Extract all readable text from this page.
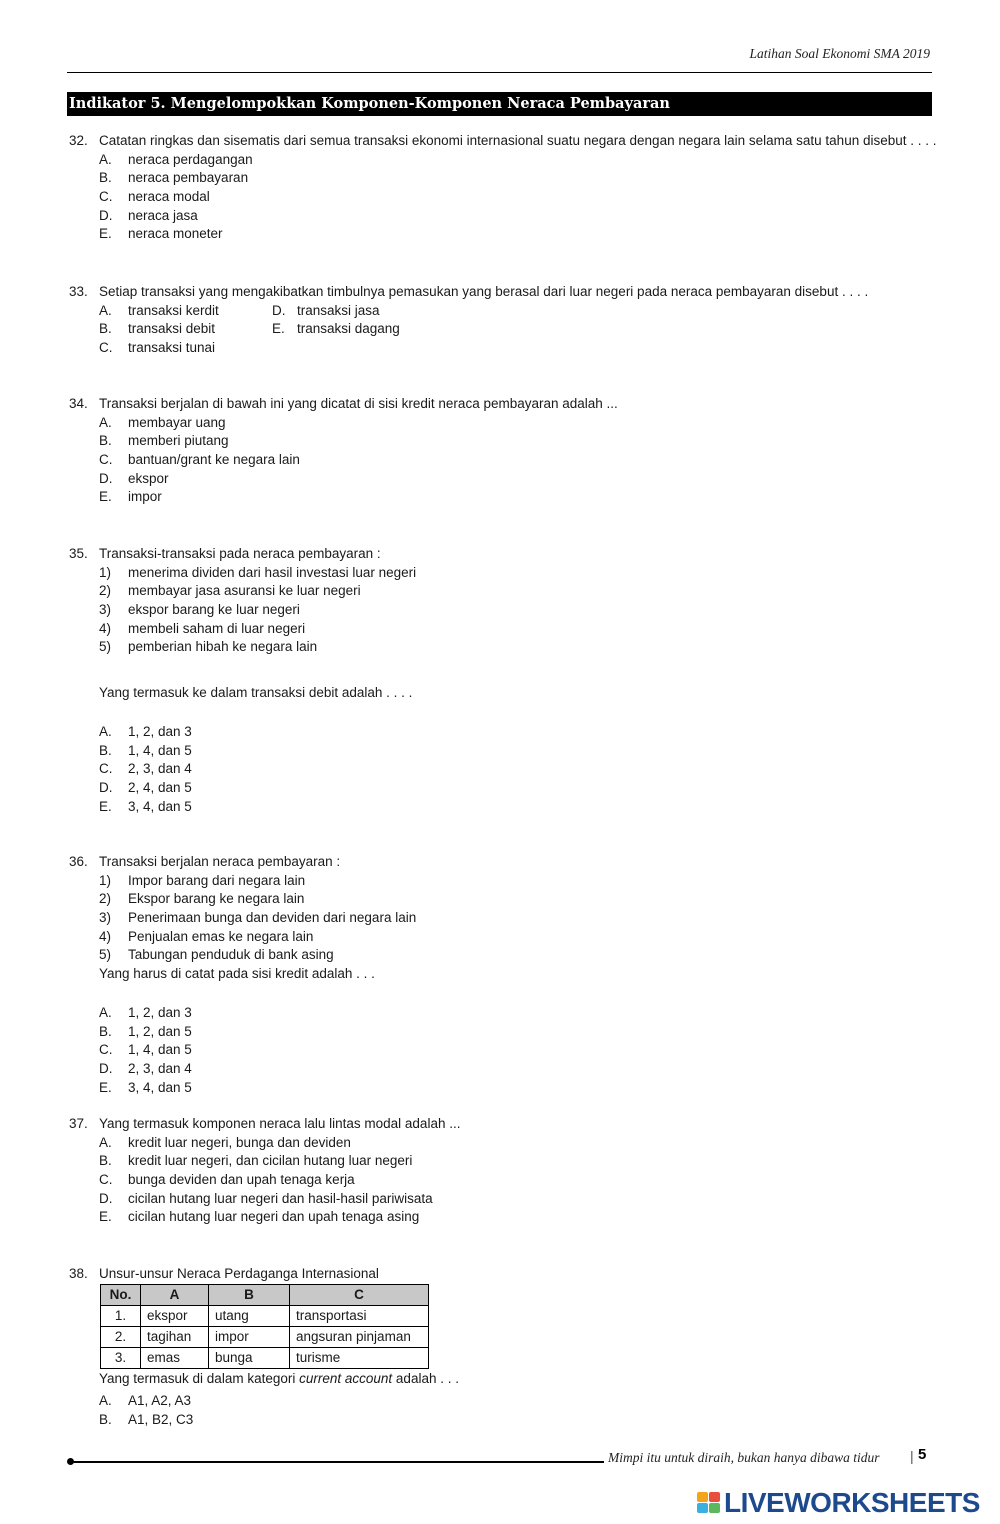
Latihan Soal Ekonomi SMA 2019
Indikator 5. Mengelompokkan Komponen-Komponen Neraca Pembayaran
32. Catatan ringkas dan sisematis dari semua transaksi ekonomi internasional suatu negara dengan negara lain selama satu tahun disebut . . . .
A. neraca perdagangan
B. neraca pembayaran
C. neraca modal
D. neraca jasa
E. neraca moneter
33. Setiap transaksi yang mengakibatkan timbulnya pemasukan yang berasal dari luar negeri pada neraca pembayaran disebut . . . .
A. transaksi kerdit
B. transaksi debit
C. transaksi tunai
D. transaksi jasa
E. transaksi dagang
34. Transaksi berjalan di bawah ini yang dicatat di sisi kredit neraca pembayaran adalah ...
A. membayar uang
B. memberi piutang
C. bantuan/grant ke negara lain
D. ekspor
E. impor
35. Transaksi-transaksi pada neraca pembayaran :
1) menerima dividen dari hasil investasi luar negeri
2) membayar jasa asuransi ke luar negeri
3) ekspor barang ke luar negeri
4) membeli saham di luar negeri
5) pemberian hibah ke negara lain
Yang termasuk ke dalam transaksi debit adalah . . . .
A. 1, 2, dan 3
B. 1, 4, dan 5
C. 2, 3, dan 4
D. 2, 4, dan 5
E. 3, 4, dan 5
36. Transaksi berjalan neraca pembayaran :
1) Impor barang dari negara lain
2) Ekspor barang ke negara lain
3) Penerimaan bunga dan deviden dari negara lain
4) Penjualan emas ke negara lain
5) Tabungan penduduk di bank asing
Yang harus di catat pada sisi kredit adalah . . .
A. 1, 2, dan 3
B. 1, 2, dan 5
C. 1, 4, dan 5
D. 2, 3, dan 4
E. 3, 4, dan 5
37. Yang termasuk komponen neraca lalu lintas modal adalah ...
A. kredit luar negeri, bunga dan deviden
B. kredit luar negeri, dan cicilan hutang luar negeri
C. bunga deviden dan upah tenaga kerja
D. cicilan hutang luar negeri dan hasil-hasil pariwisata
E. cicilan hutang luar negeri dan upah tenaga asing
38. Unsur-unsur Neraca Perdaganga Internasional
No.	A	B	C
1.	ekspor	utang	transportasi
2.	tagihan	impor	angsuran pinjaman
3.	emas	bunga	turisme
Yang termasuk di dalam kategori current account adalah . . .
A. A1, A2, A3
B. A1, B2, C3
Mimpi itu untuk diraih, bukan hanya dibawa tidur | 5
LIVEWORKSHEETS
